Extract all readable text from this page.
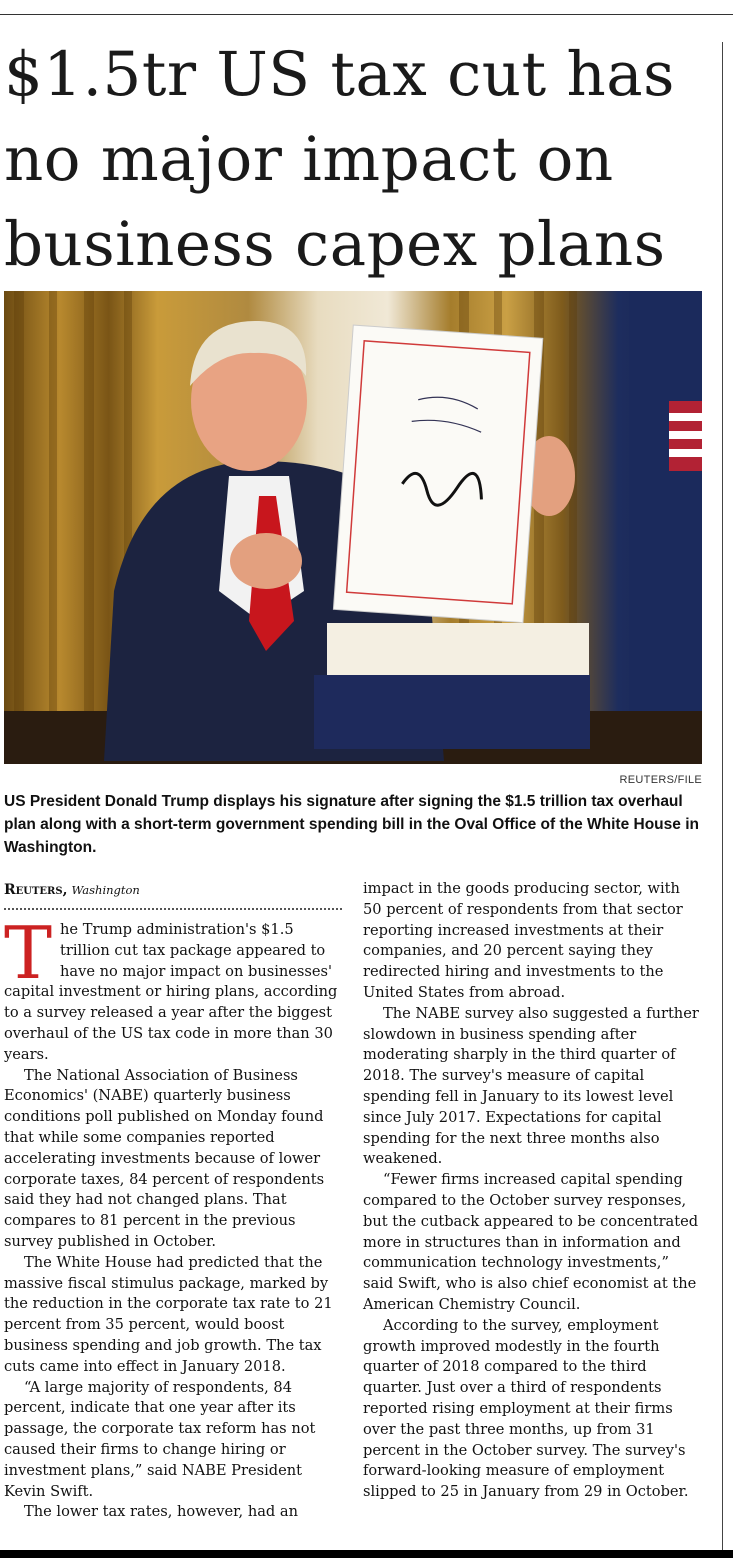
$1.5tr US tax cut has no major impact on business capex plans
REUTERS/FILE
US President Donald Trump displays his signature after signing the $1.5 trillion tax overhaul plan along with a short-term government spending bill in the Oval Office of the White House in Washington.
Reuters, Washington

The Trump administration's $1.5 trillion cut tax package appeared to have no major impact on businesses' capital investment or hiring plans, according to a survey released a year after the biggest overhaul of the US tax code in more than 30 years.

The National Association of Business Economics' (NABE) quarterly business conditions poll published on Monday found that while some companies reported accelerating investments because of lower corporate taxes, 84 percent of respondents said they had not changed plans. That compares to 81 percent in the previous survey published in October.

The White House had predicted that the massive fiscal stimulus package, marked by the reduction in the corporate tax rate to 21 percent from 35 percent, would boost business spending and job growth. The tax cuts came into effect in January 2018.

“A large majority of respondents, 84 percent, indicate that one year after its passage, the corporate tax reform has not caused their firms to change hiring or investment plans,” said NABE President Kevin Swift.

The lower tax rates, however, had an

impact in the goods producing sector, with 50 percent of respondents from that sector reporting increased investments at their companies, and 20 percent saying they redirected hiring and investments to the United States from abroad.

The NABE survey also suggested a further slowdown in business spending after moderating sharply in the third quarter of 2018. The survey's measure of capital spending fell in January to its lowest level since July 2017. Expectations for capital spending for the next three months also weakened.

“Fewer firms increased capital spending compared to the October survey responses, but the cutback appeared to be concentrated more in structures than in information and communication technology investments,” said Swift, who is also chief economist at the American Chemistry Council.

According to the survey, employment growth improved modestly in the fourth quarter of 2018 compared to the third quarter. Just over a third of respondents reported rising employment at their firms over the past three months, up from 31 percent in the October survey. The survey's forward-looking measure of employment slipped to 25 in January from 29 in October.
